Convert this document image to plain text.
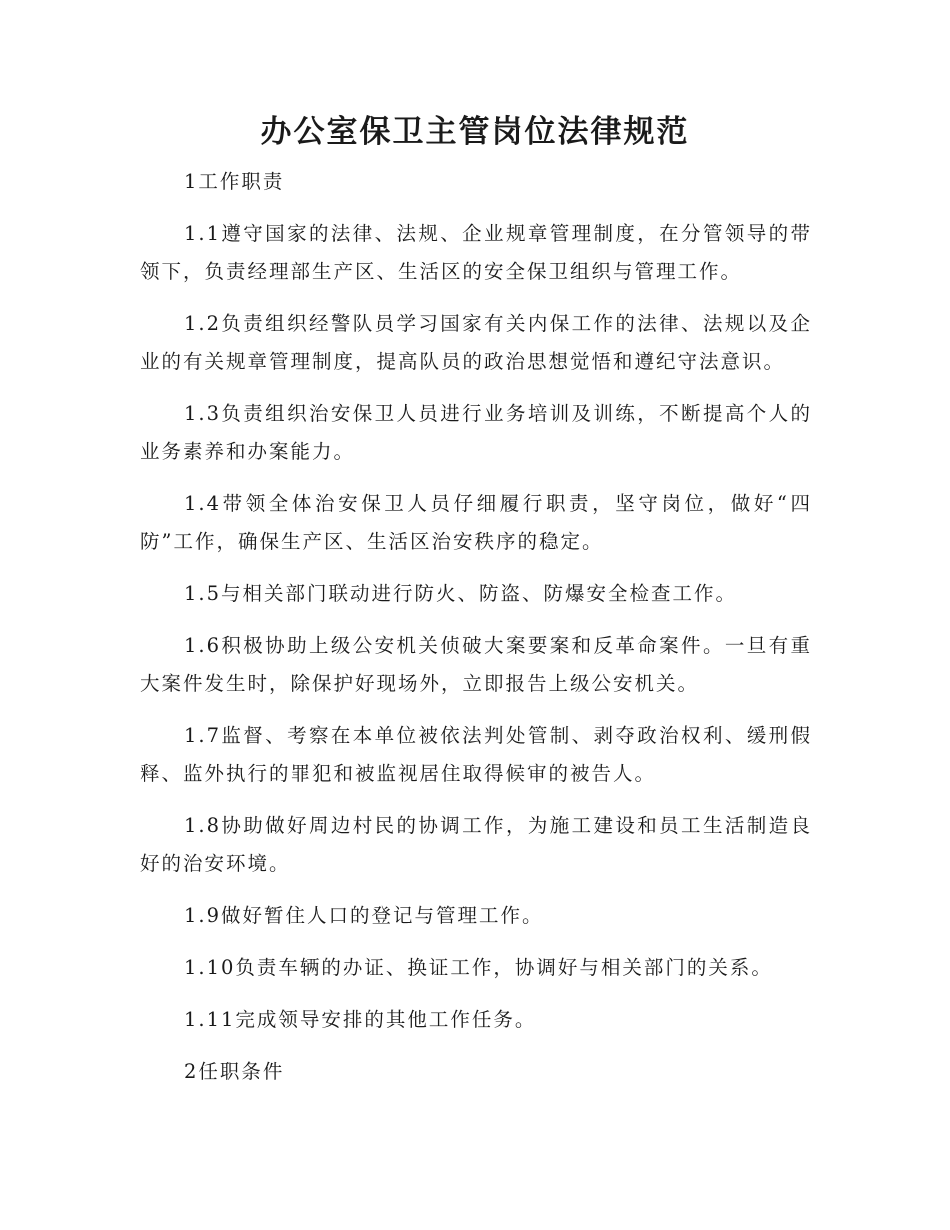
办公室保卫主管岗位法律规范

1工作职责

1.1遵守国家的法律、法规、企业规章管理制度，在分管领导的带领下，负责经理部生产区、生活区的安全保卫组织与管理工作。

1.2负责组织经警队员学习国家有关内保工作的法律、法规以及企业的有关规章管理制度，提高队员的政治思想觉悟和遵纪守法意识。

1.3负责组织治安保卫人员进行业务培训及训练，不断提高个人的业务素养和办案能力。

1.4带领全体治安保卫人员仔细履行职责，坚守岗位，做好“四防”工作，确保生产区、生活区治安秩序的稳定。

1.5与相关部门联动进行防火、防盗、防爆安全检查工作。

1.6积极协助上级公安机关侦破大案要案和反革命案件。一旦有重大案件发生时，除保护好现场外，立即报告上级公安机关。

1.7监督、考察在本单位被依法判处管制、剥夺政治权利、缓刑假释、监外执行的罪犯和被监视居住取得候审的被告人。

1.8协助做好周边村民的协调工作，为施工建设和员工生活制造良好的治安环境。

1.9做好暂住人口的登记与管理工作。

1.10负责车辆的办证、换证工作，协调好与相关部门的关系。

1.11完成领导安排的其他工作任务。

2任职条件
